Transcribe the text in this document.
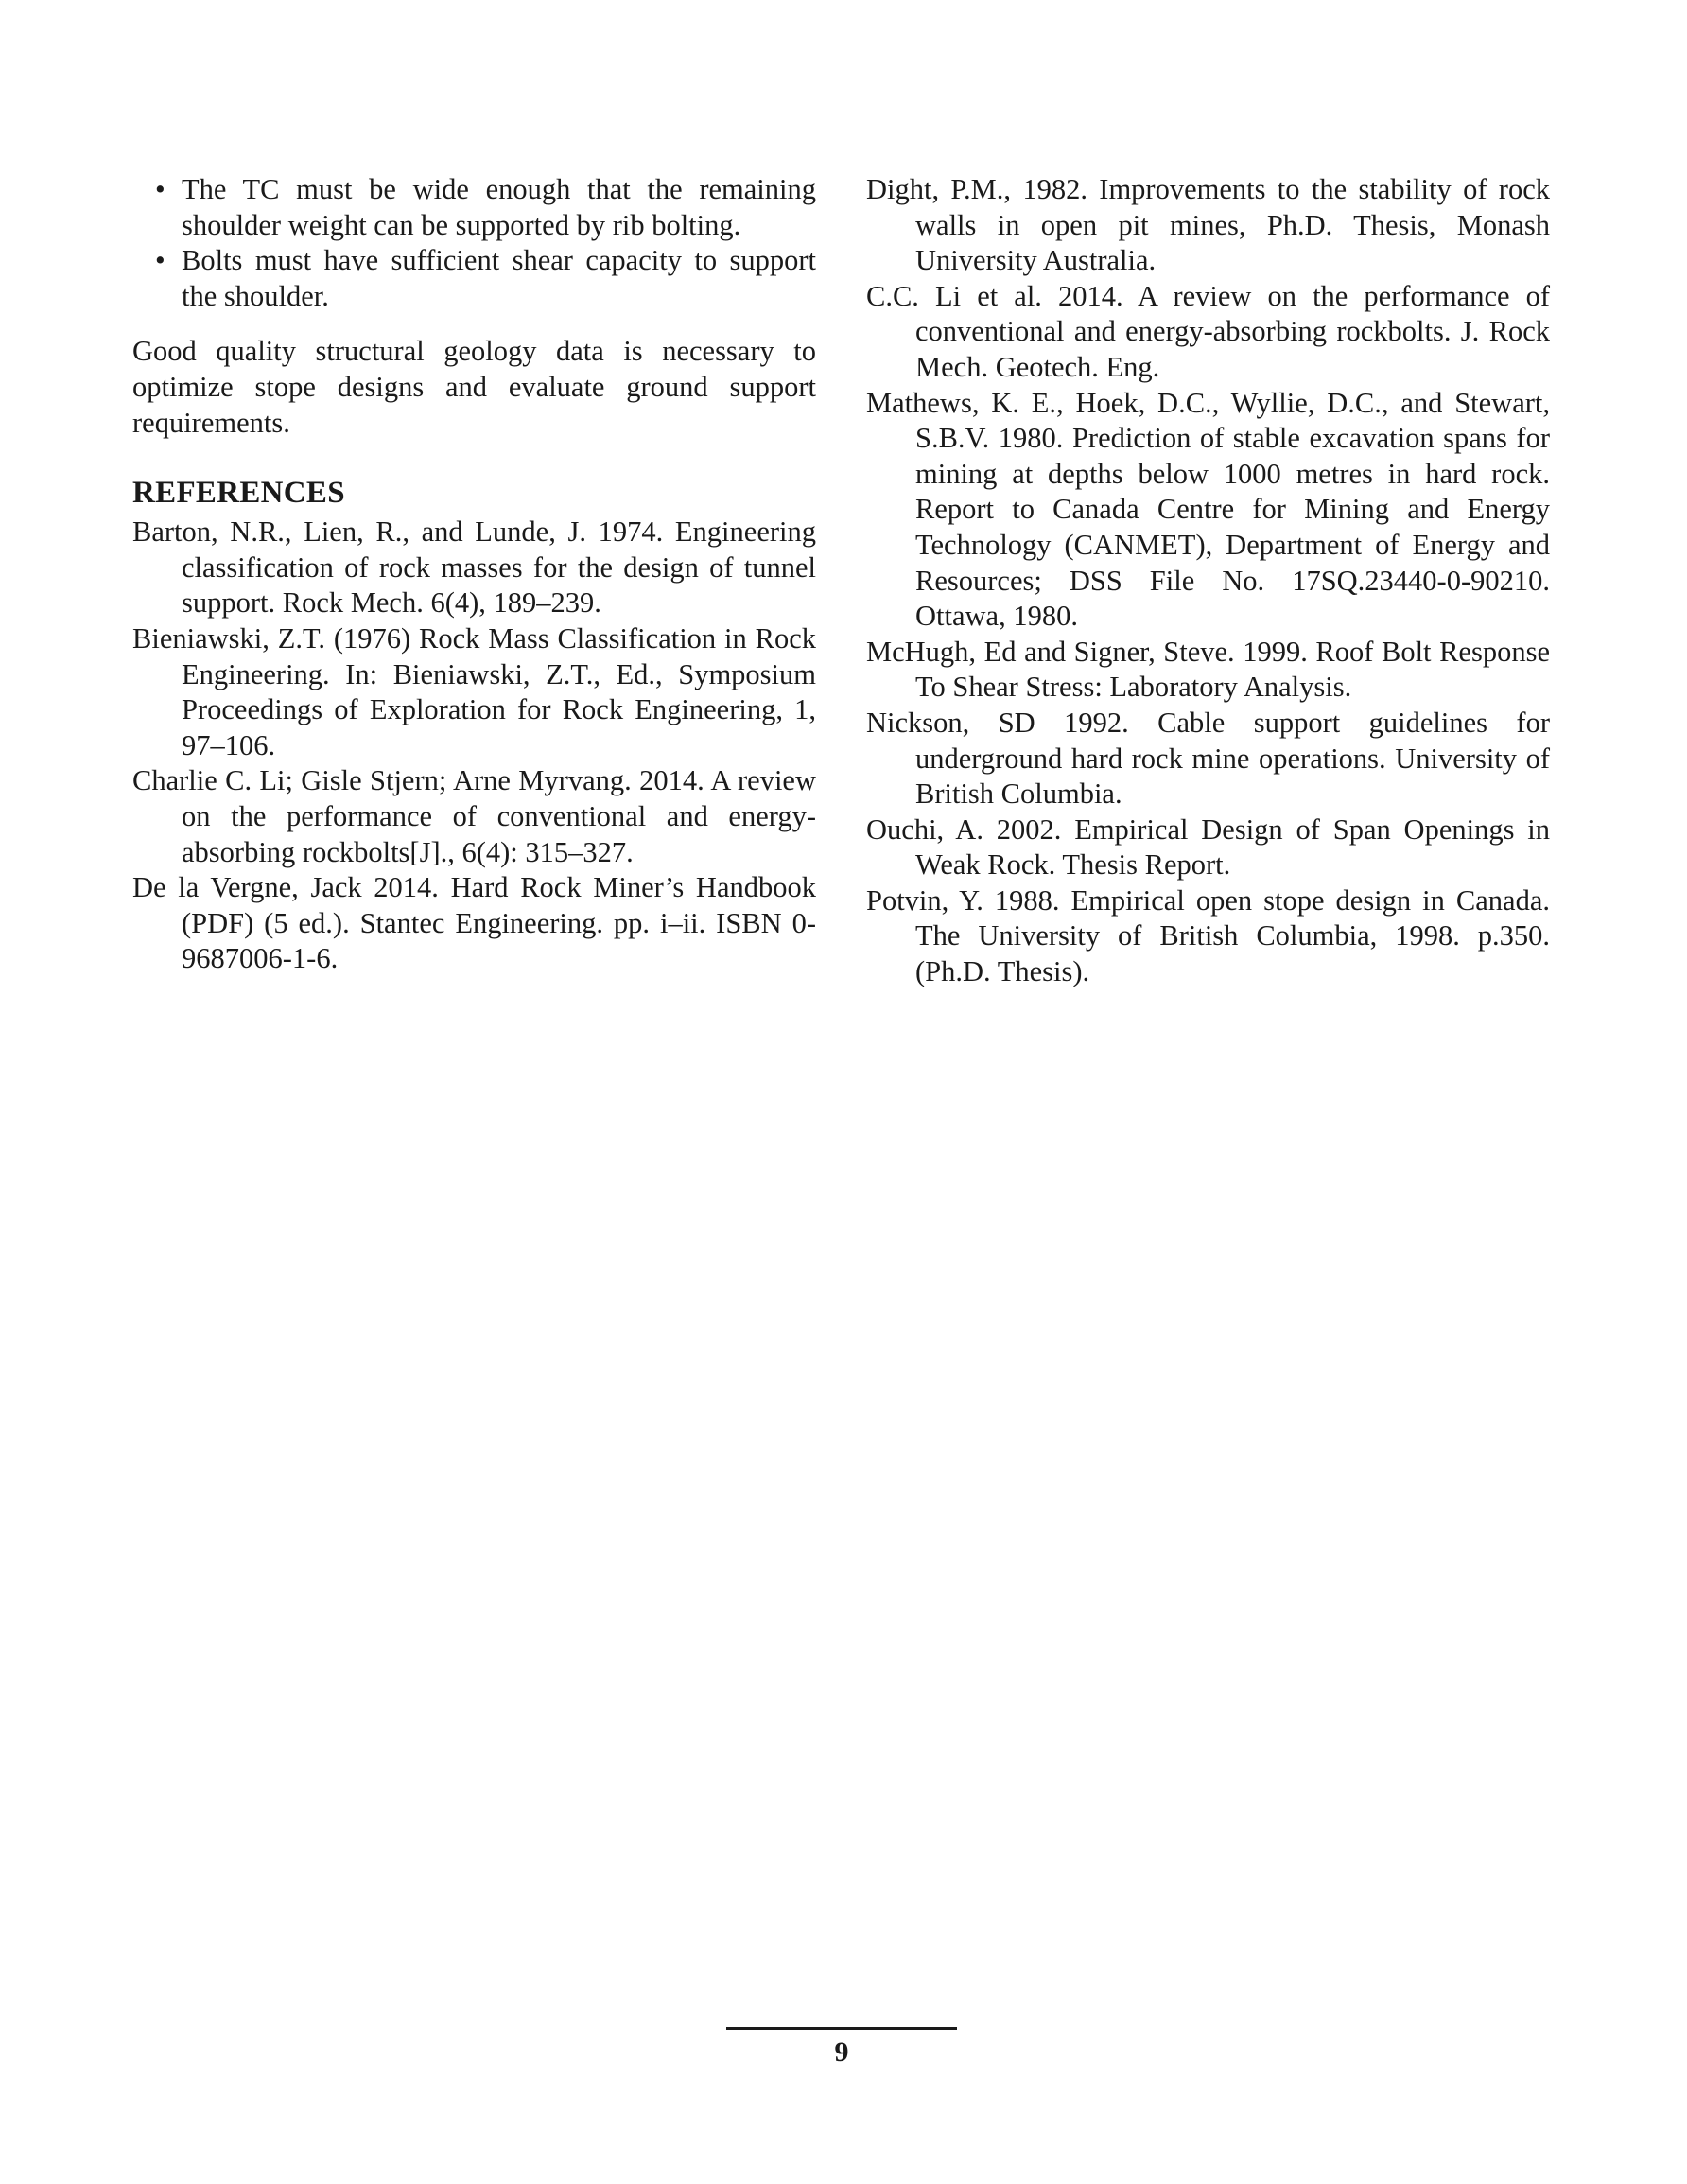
• The TC must be wide enough that the remaining shoulder weight can be supported by rib bolting.
• Bolts must have sufficient shear capacity to support the shoulder.

Good quality structural geology data is necessary to optimize stope designs and evaluate ground support requirements.

REFERENCES

Barton, N.R., Lien, R., and Lunde, J. 1974. Engineering classification of rock masses for the design of tunnel support. Rock Mech. 6(4), 189–239.

Bieniawski, Z.T. (1976) Rock Mass Classification in Rock Engineering. In: Bieniawski, Z.T., Ed., Symposium Proceedings of Exploration for Rock Engineering, 1, 97–106.

Charlie C. Li; Gisle Stjern; Arne Myrvang. 2014. A review on the performance of conventional and energy-absorbing rockbolts[J]., 6(4): 315–327.

De la Vergne, Jack 2014. Hard Rock Miner’s Handbook (PDF) (5 ed.). Stantec Engineering. pp. i–ii. ISBN 0-9687006-1-6.

Dight, P.M., 1982. Improvements to the stability of rock walls in open pit mines, Ph.D. Thesis, Monash University Australia.

C.C. Li et al. 2014. A review on the performance of conventional and energy-absorbing rockbolts. J. Rock Mech. Geotech. Eng.

Mathews, K. E., Hoek, D.C., Wyllie, D.C., and Stewart, S.B.V. 1980. Prediction of stable excavation spans for mining at depths below 1000 metres in hard rock. Report to Canada Centre for Mining and Energy Technology (CANMET), Department of Energy and Resources; DSS File No. 17SQ.23440-0-90210. Ottawa, 1980.

McHugh, Ed and Signer, Steve. 1999. Roof Bolt Response To Shear Stress: Laboratory Analysis.

Nickson, SD 1992. Cable support guidelines for underground hard rock mine operations. University of British Columbia.

Ouchi, A. 2002. Empirical Design of Span Openings in Weak Rock. Thesis Report.

Potvin, Y. 1988. Empirical open stope design in Canada. The University of British Columbia, 1998. p.350. (Ph.D. Thesis).

9
